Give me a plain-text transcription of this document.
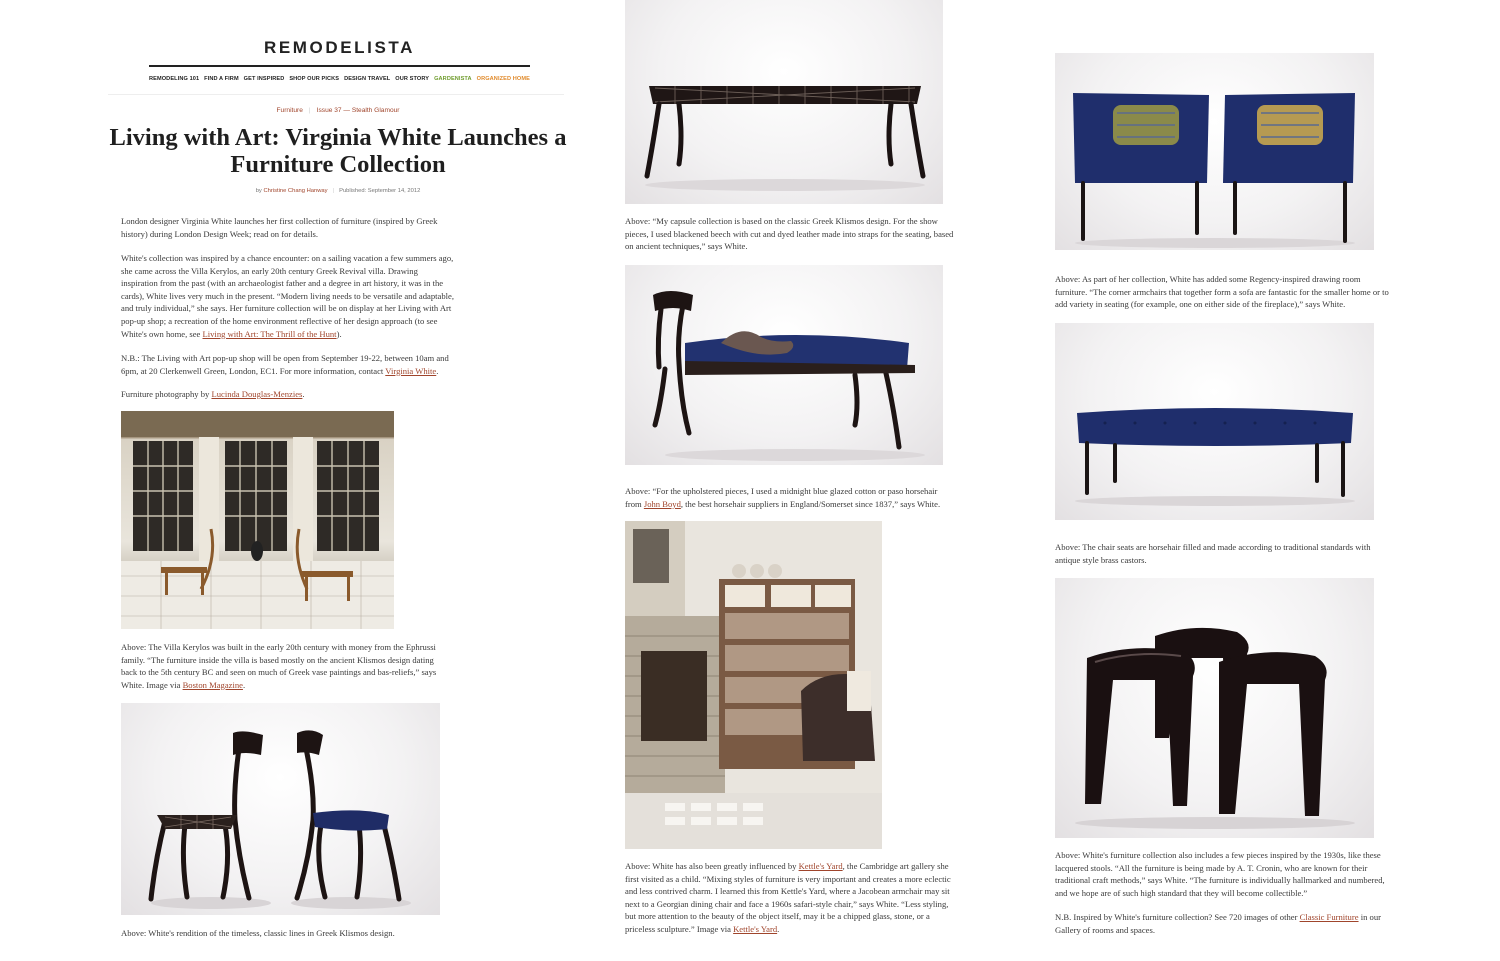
REMODELISTA
REMODELING 101 FIND A FIRM GET INSPIRED SHOP OUR PICKS DESIGN TRAVEL OUR STORY GARDENISTA ORGANIZED HOME
Furniture | Issue 37 — Stealth Glamour
Living with Art: Virginia White Launches a Furniture Collection
by Christine Chang Hanway | Published: September 14, 2012

London designer Virginia White launches her first collection of furniture (inspired by Greek history) during London Design Week; read on for details.

White's collection was inspired by a chance encounter: on a sailing vacation a few summers ago, she came across the Villa Kerylos, an early 20th century Greek Revival villa. Drawing inspiration from the past (with an archaeologist father and a degree in art history, it was in the cards), White lives very much in the present. “Modern living needs to be versatile and adaptable, and truly individual,” she says. Her furniture collection will be on display at her Living with Art pop-up shop; a recreation of the home environment reflective of her design approach (to see White's own home, see Living with Art: The Thrill of the Hunt).

N.B.: The Living with Art pop-up shop will be open from September 19-22, between 10am and 6pm, at 20 Clerkenwell Green, London, EC1. For more information, contact Virginia White.

Furniture photography by Lucinda Douglas-Menzies.

Above: The Villa Kerylos was built in the early 20th century with money from the Ephrussi family. “The furniture inside the villa is based mostly on the ancient Klismos design dating back to the 5th century BC and seen on much of Greek vase paintings and bas-reliefs,” says White. Image via Boston Magazine.

Above: White's rendition of the timeless, classic lines in Greek Klismos design.

Above: “My capsule collection is based on the classic Greek Klismos design. For the show pieces, I used blackened beech with cut and dyed leather made into straps for the seating, based on ancient techniques,” says White.

Above: “For the upholstered pieces, I used a midnight blue glazed cotton or paso horsehair from John Boyd, the best horsehair suppliers in England/Somerset since 1837,” says White.

Above: White has also been greatly influenced by Kettle's Yard, the Cambridge art gallery she first visited as a child. “Mixing styles of furniture is very important and creates a more eclectic and less contrived charm. I learned this from Kettle's Yard, where a Jacobean armchair may sit next to a Georgian dining chair and face a 1960s safari-style chair,” says White. “Less styling, but more attention to the beauty of the object itself, may it be a chipped glass, stone, or a priceless sculpture.” Image via Kettle's Yard.

Above: As part of her collection, White has added some Regency-inspired drawing room furniture. “The corner armchairs that together form a sofa are fantastic for the smaller home or to add variety in seating (for example, one on either side of the fireplace),” says White.

Above: The chair seats are horsehair filled and made according to traditional standards with antique style brass castors.

Above: White's furniture collection also includes a few pieces inspired by the 1930s, like these lacquered stools. “All the furniture is being made by A. T. Cronin, who are known for their traditional craft methods,” says White. “The furniture is individually hallmarked and numbered, and we hope are of such high standard that they will become collectible.”

N.B. Inspired by White's furniture collection? See 720 images of other Classic Furniture in our Gallery of rooms and spaces.
